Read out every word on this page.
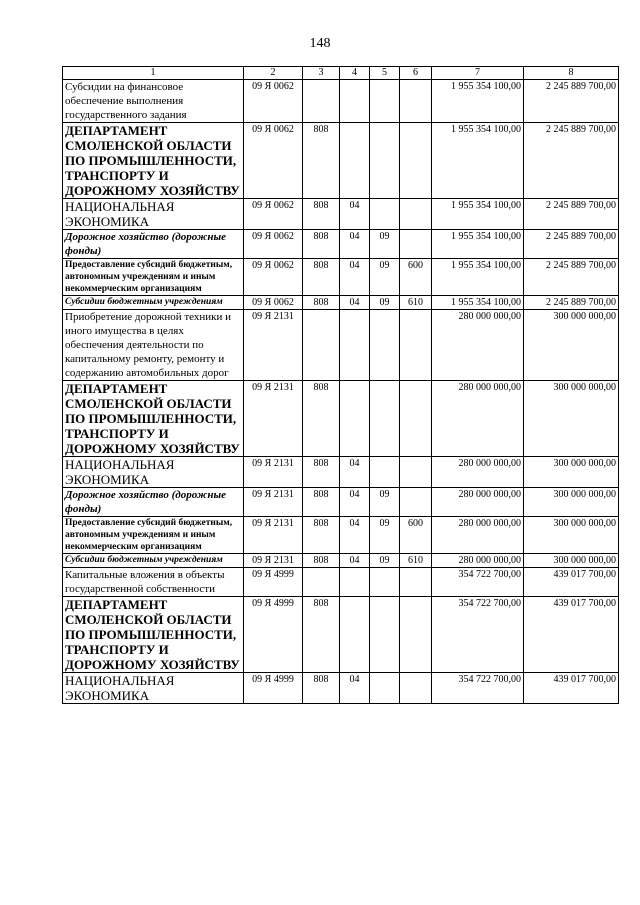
148
1	2	3	4	5	6	7	8
Субсидии на финансовое обеспечение выполнения государственного задания	09 Я 0062					1 955 354 100,00	2 245 889 700,00
ДЕПАРТАМЕНТ СМОЛЕНСКОЙ ОБЛАСТИ ПО ПРОМЫШЛЕННОСТИ, ТРАНСПОРТУ И ДОРОЖНОМУ ХОЗЯЙСТВУ	09 Я 0062	808				1 955 354 100,00	2 245 889 700,00
НАЦИОНАЛЬНАЯ ЭКОНОМИКА	09 Я 0062	808	04			1 955 354 100,00	2 245 889 700,00
Дорожное хозяйство (дорожные фонды)	09 Я 0062	808	04	09		1 955 354 100,00	2 245 889 700,00
Предоставление субсидий бюджетным, автономным учреждениям и иным некоммерческим организациям	09 Я 0062	808	04	09	600	1 955 354 100,00	2 245 889 700,00
Субсидии бюджетным учреждениям	09 Я 0062	808	04	09	610	1 955 354 100,00	2 245 889 700,00
Приобретение дорожной техники и иного имущества в целях обеспечения деятельности по капитальному ремонту, ремонту и содержанию автомобильных дорог	09 Я 2131					280 000 000,00	300 000 000,00
ДЕПАРТАМЕНТ СМОЛЕНСКОЙ ОБЛАСТИ ПО ПРОМЫШЛЕННОСТИ, ТРАНСПОРТУ И ДОРОЖНОМУ ХОЗЯЙСТВУ	09 Я 2131	808				280 000 000,00	300 000 000,00
НАЦИОНАЛЬНАЯ ЭКОНОМИКА	09 Я 2131	808	04			280 000 000,00	300 000 000,00
Дорожное хозяйство (дорожные фонды)	09 Я 2131	808	04	09		280 000 000,00	300 000 000,00
Предоставление субсидий бюджетным, автономным учреждениям и иным некоммерческим организациям	09 Я 2131	808	04	09	600	280 000 000,00	300 000 000,00
Субсидии бюджетным учреждениям	09 Я 2131	808	04	09	610	280 000 000,00	300 000 000,00
Капитальные вложения в объекты государственной собственности	09 Я 4999					354 722 700,00	439 017 700,00
ДЕПАРТАМЕНТ СМОЛЕНСКОЙ ОБЛАСТИ ПО ПРОМЫШЛЕННОСТИ, ТРАНСПОРТУ И ДОРОЖНОМУ ХОЗЯЙСТВУ	09 Я 4999	808				354 722 700,00	439 017 700,00
НАЦИОНАЛЬНАЯ ЭКОНОМИКА	09 Я 4999	808	04			354 722 700,00	439 017 700,00
